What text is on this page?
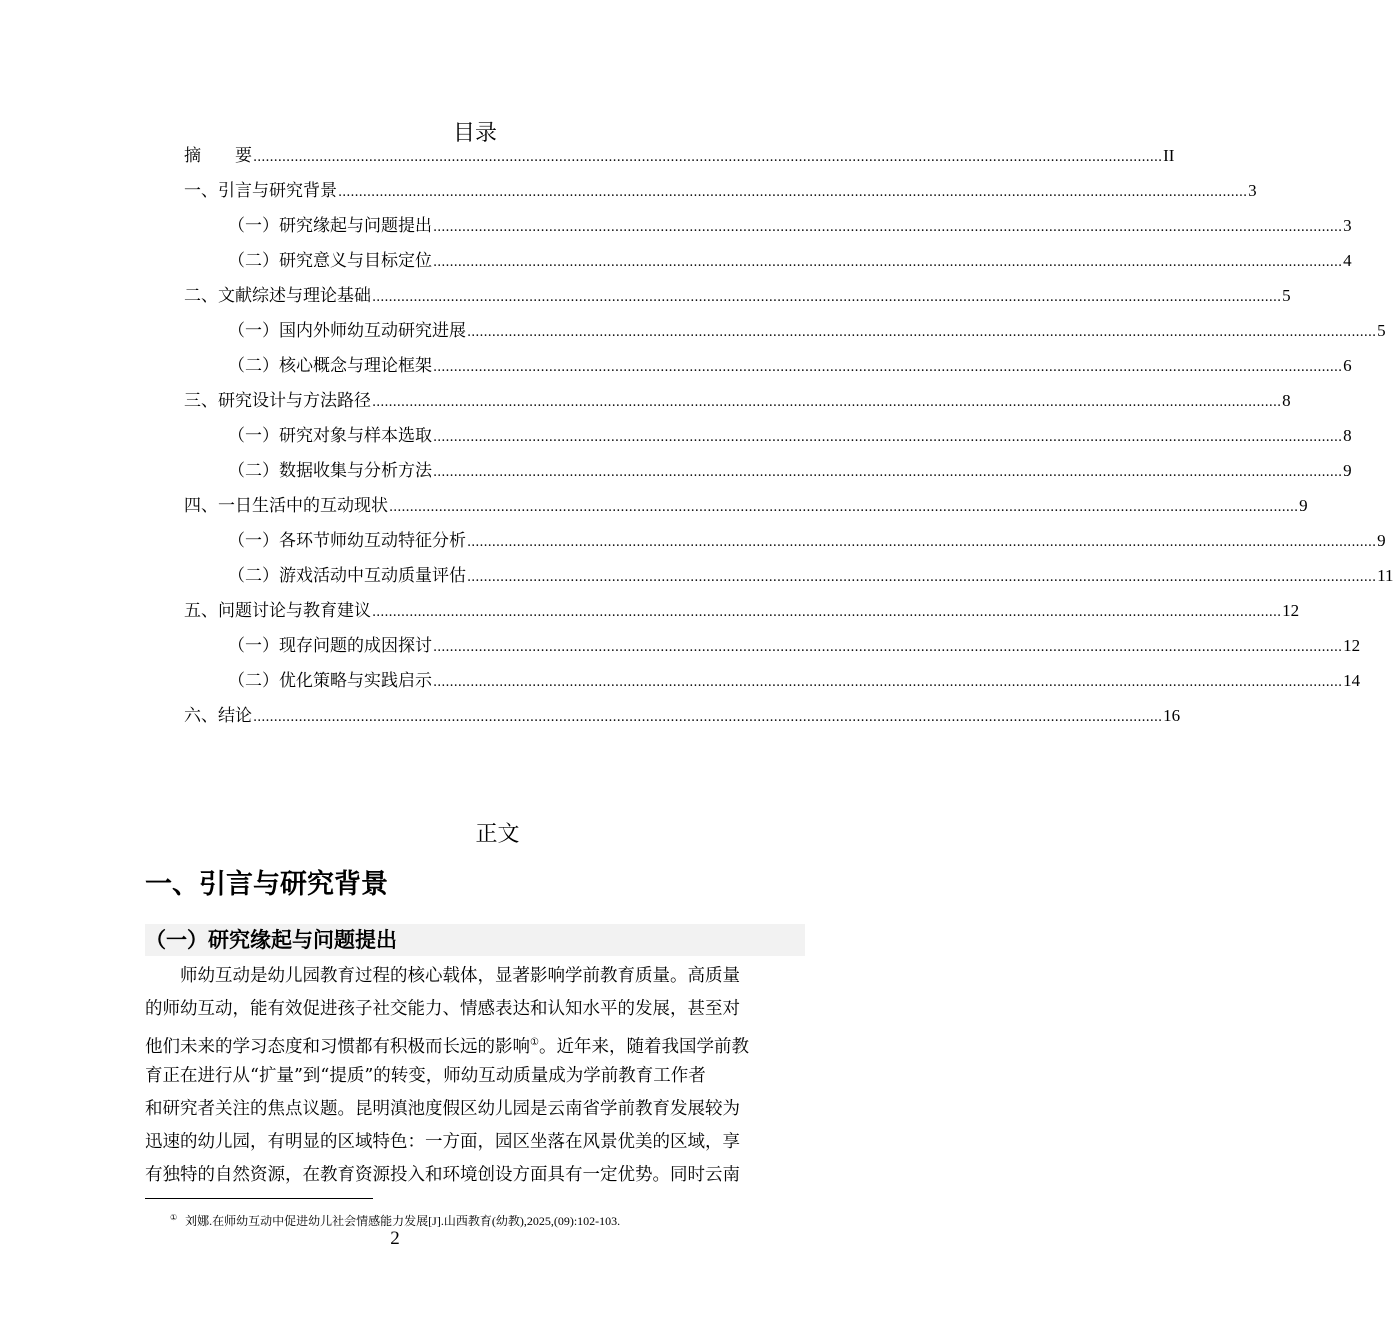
目录
摘　　要 ............................................................................................................................................................................................................................ II
一、引言与研究背景 ............................................................................................................................................................................................................................ 3
（一）研究缘起与问题提出 ............................................................................................................................................................................................................................ 3
（二）研究意义与目标定位 ............................................................................................................................................................................................................................ 4
二、文献综述与理论基础 ............................................................................................................................................................................................................................ 5
（一）国内外师幼互动研究进展 ............................................................................................................................................................................................................................ 5
（二）核心概念与理论框架 ............................................................................................................................................................................................................................ 6
三、研究设计与方法路径 ............................................................................................................................................................................................................................ 8
（一）研究对象与样本选取 ............................................................................................................................................................................................................................ 8
（二）数据收集与分析方法 ............................................................................................................................................................................................................................ 9
四、一日生活中的互动现状 ............................................................................................................................................................................................................................ 9
（一）各环节师幼互动特征分析 ............................................................................................................................................................................................................................ 9
（二）游戏活动中互动质量评估 ............................................................................................................................................................................................................................ 11
五、问题讨论与教育建议 ............................................................................................................................................................................................................................ 12
（一）现存问题的成因探讨 ............................................................................................................................................................................................................................ 12
（二）优化策略与实践启示 ............................................................................................................................................................................................................................ 14
六、结论 ............................................................................................................................................................................................................................ 16
正文
一、引言与研究背景
（一）研究缘起与问题提出
　　师幼互动是幼儿园教育过程的核心载体，显著影响学前教育质量。高质量
的师幼互动，能有效促进孩子社交能力、情感表达和认知水平的发展，甚至对
他们未来的学习态度和习惯都有积极而长远的影响①。近年来，随着我国学前教
育正在进行从“扩量”到“提质”的转变，师幼互动质量成为学前教育工作者
和研究者关注的焦点议题。昆明滇池度假区幼儿园是云南省学前教育发展较为
迅速的幼儿园，有明显的区域特色：一方面，园区坐落在风景优美的区域，享
有独特的自然资源，在教育资源投入和环境创设方面具有一定优势。同时云南
① 刘娜.在师幼互动中促进幼儿社会情感能力发展[J].山西教育(幼教),2025,(09):102-103.
2
